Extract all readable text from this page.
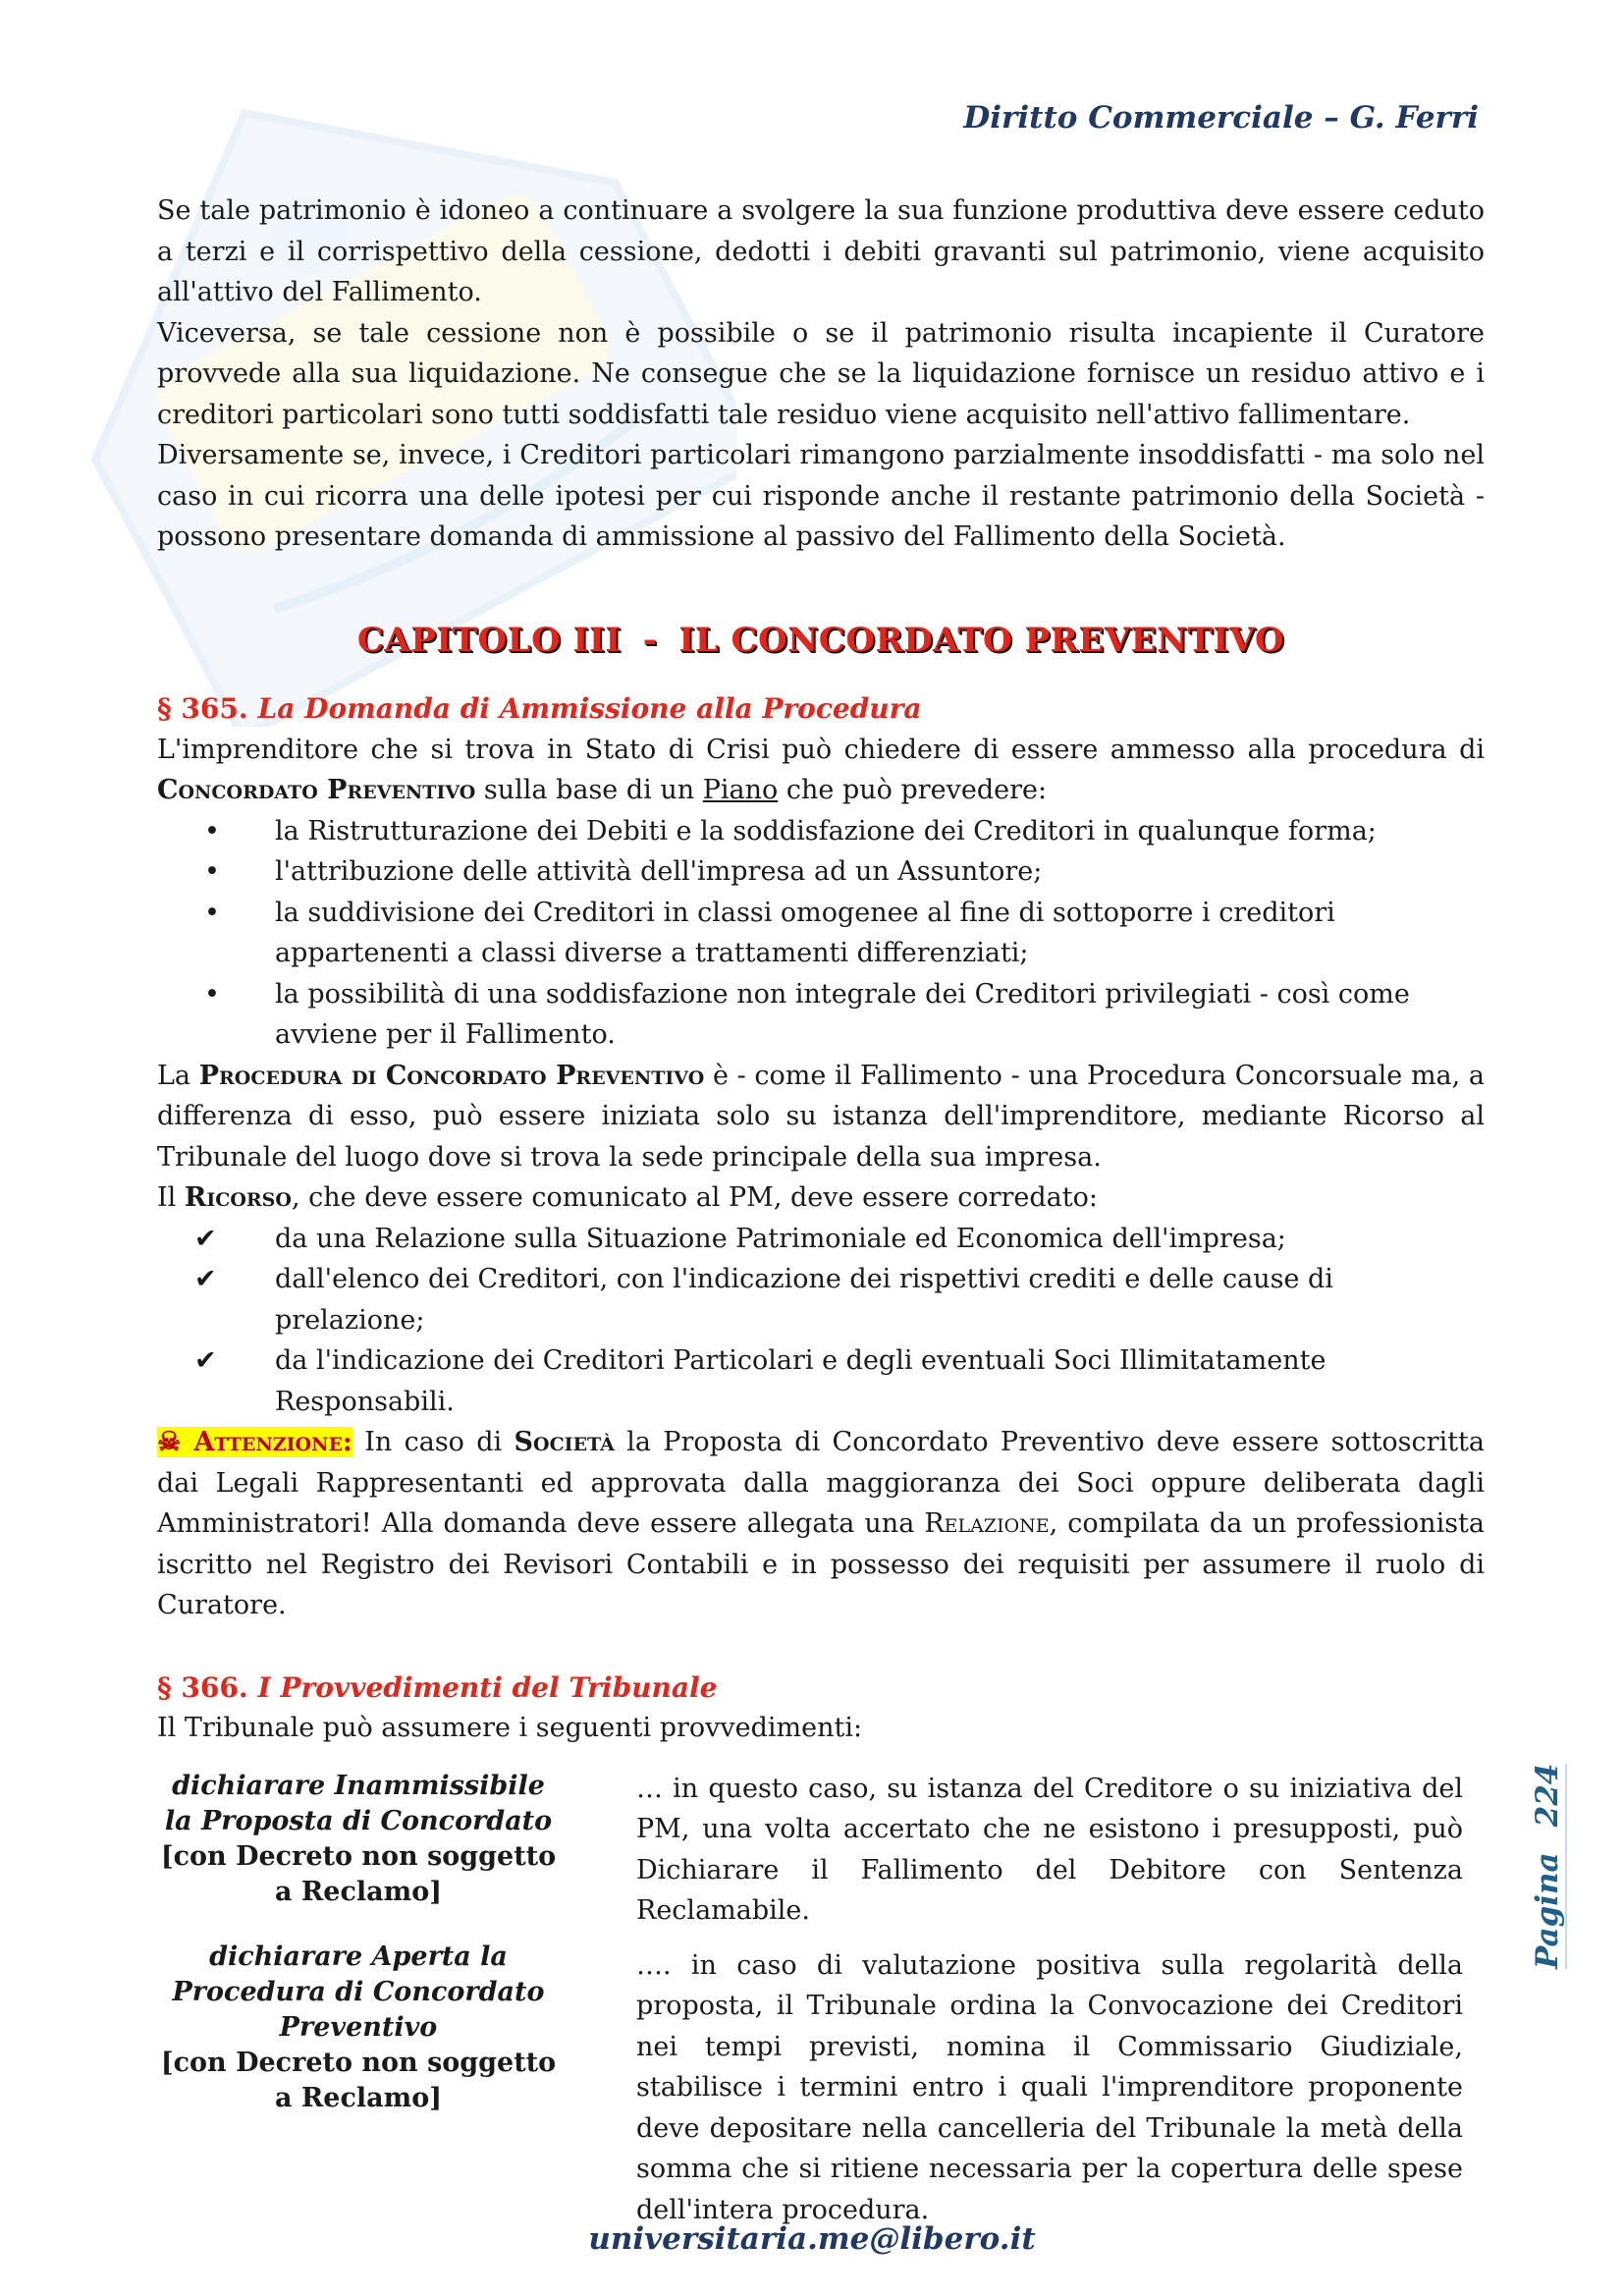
Diritto Commerciale – G. Ferri

Se tale patrimonio è idoneo a continuare a svolgere la sua funzione produttiva deve essere ceduto a terzi e il corrispettivo della cessione, dedotti i debiti gravanti sul patrimonio, viene acquisito all'attivo del Fallimento.

Viceversa, se tale cessione non è possibile o se il patrimonio risulta incapiente il Curatore provvede alla sua liquidazione. Ne consegue che se la liquidazione fornisce un residuo attivo e i creditori particolari sono tutti soddisfatti tale residuo viene acquisito nell'attivo fallimentare.

Diversamente se, invece, i Creditori particolari rimangono parzialmente insoddisfatti - ma solo nel caso in cui ricorra una delle ipotesi per cui risponde anche il restante patrimonio della Società - possono presentare domanda di ammissione al passivo del Fallimento della Società.

CAPITOLO III - IL CONCORDATO PREVENTIVO
§ 365. La Domanda di Ammissione alla Procedura

L'imprenditore che si trova in Stato di Crisi può chiedere di essere ammesso alla procedura di Concordato Preventivo sulla base di un Piano che può prevedere:

• la Ristrutturazione dei Debiti e la soddisfazione dei Creditori in qualunque forma;
• l'attribuzione delle attività dell'impresa ad un Assuntore;
• la suddivisione dei Creditori in classi omogenee al fine di sottoporre i creditori appartenenti a classi diverse a trattamenti differenziati;
• la possibilità di una soddisfazione non integrale dei Creditori privilegiati - così come avviene per il Fallimento.

La Procedura di Concordato Preventivo è - come il Fallimento - una Procedura Concorsuale ma, a differenza di esso, può essere iniziata solo su istanza dell'imprenditore, mediante Ricorso al Tribunale del luogo dove si trova la sede principale della sua impresa.

Il Ricorso, che deve essere comunicato al PM, deve essere corredato:

✔ da una Relazione sulla Situazione Patrimoniale ed Economica dell'impresa;
✔ dall'elenco dei Creditori, con l'indicazione dei rispettivi crediti e delle cause di prelazione;
✔ da l'indicazione dei Creditori Particolari e degli eventuali Soci Illimitatamente Responsabili.

☠ Attenzione: In caso di Società la Proposta di Concordato Preventivo deve essere sottoscritta dai Legali Rappresentanti ed approvata dalla maggioranza dei Soci oppure deliberata dagli Amministratori! Alla domanda deve essere allegata una Relazione, compilata da un professionista iscritto nel Registro dei Revisori Contabili e in possesso dei requisiti per assumere il ruolo di Curatore.

§ 366. I Provvedimenti del Tribunale

Il Tribunale può assumere i seguenti provvedimenti:

dichiarare Inammissibile la Proposta di Concordato
[con Decreto non soggetto a Reclamo]
dichiarare Aperta la Procedura di Concordato Preventivo
[con Decreto non soggetto a Reclamo]

… in questo caso, su istanza del Creditore o su iniziativa del PM, una volta accertato che ne esistono i presupposti, può Dichiarare il Fallimento del Debitore con Sentenza Reclamabile.

…. in caso di valutazione positiva sulla regolarità della proposta, il Tribunale ordina la Convocazione dei Creditori nei tempi previsti, nomina il Commissario Giudiziale, stabilisce i termini entro i quali l'imprenditore proponente deve depositare nella cancelleria del Tribunale la metà della somma che si ritiene necessaria per la copertura delle spese dell'intera procedura.

Pagina224
universitaria.me@libero.it
